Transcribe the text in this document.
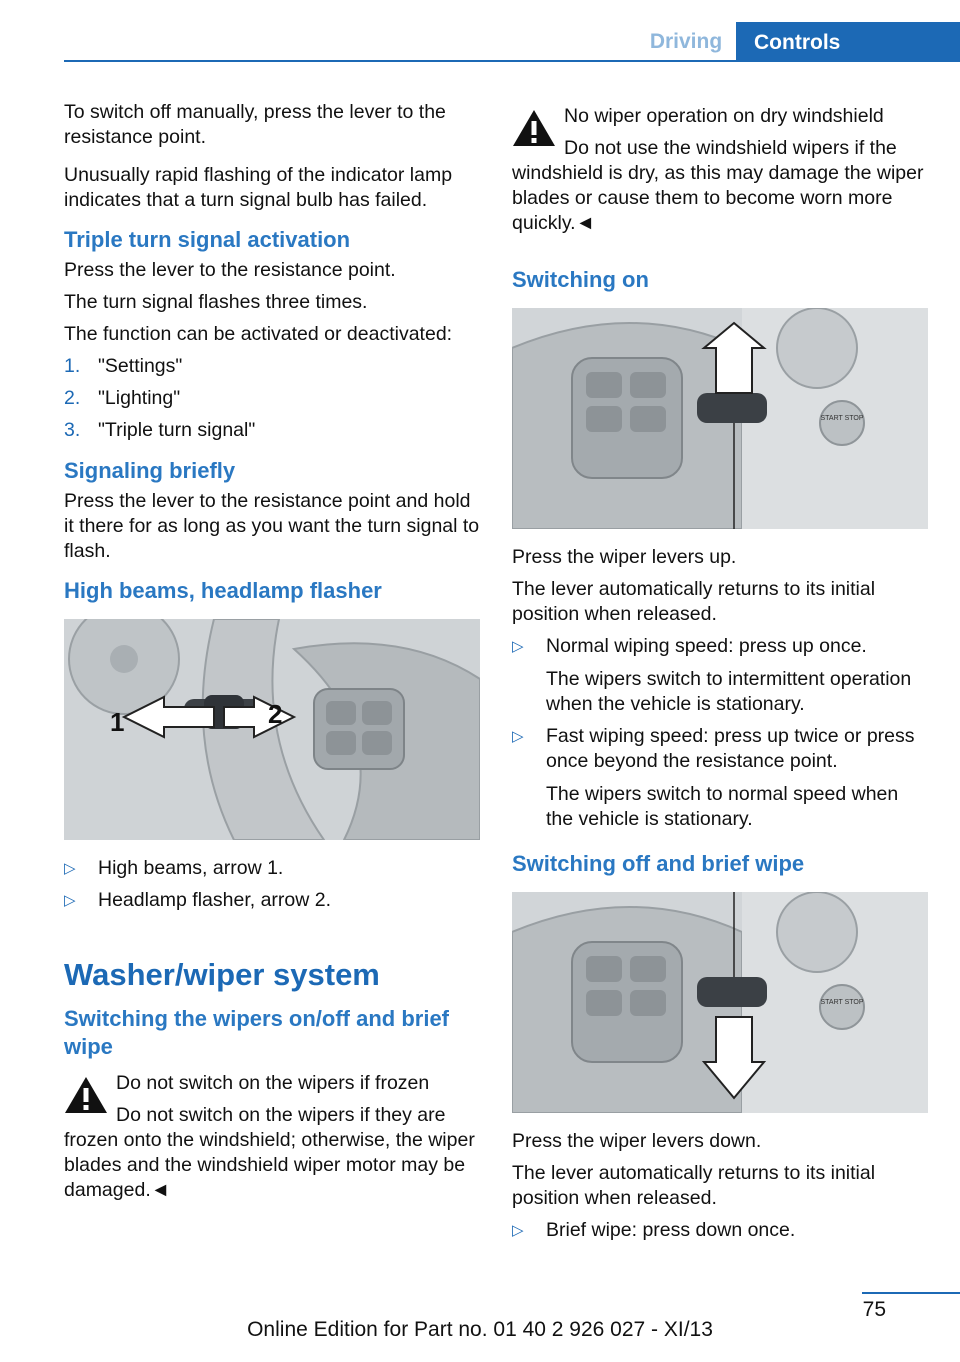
Driving	Controls

To switch off manually, press the lever to the resistance point.

Unusually rapid flashing of the indicator lamp indicates that a turn signal bulb has failed.

Triple turn signal activation

Press the lever to the resistance point.

The turn signal flashes three times.

The function can be activated or deactivated:

1. "Settings"
2. "Lighting"
3. "Triple turn signal"
Signaling briefly

Press the lever to the resistance point and hold it there for as long as you want the turn signal to flash.

High beams, headlamp flasher
1	2
▷ High beams, arrow 1.
▷ Headlamp flasher, arrow 2.
Washer/wiper system
Switching the wipers on/off and brief wipe
Do not switch on the wipers if frozen
Do not switch on the wipers if they are frozen onto the windshield; otherwise, the wiper blades and the windshield wiper motor may be damaged.◄
No wiper operation on dry windshield
Do not use the windshield wipers if the windshield is dry, as this may damage the wiper blades or cause them to become worn more quickly.◄
Switching on
START STOP

Press the wiper levers up.

The lever automatically returns to its initial position when released.

▷ Normal wiping speed: press up once.
The wipers switch to intermittent operation when the vehicle is stationary.
▷ Fast wiping speed: press up twice or press once beyond the resistance point.
The wipers switch to normal speed when the vehicle is stationary.
Switching off and brief wipe
START STOP

Press the wiper levers down.

The lever automatically returns to its initial position when released.

▷ Brief wipe: press down once.
75
Online Edition for Part no. 01 40 2 926 027 - XI/13
